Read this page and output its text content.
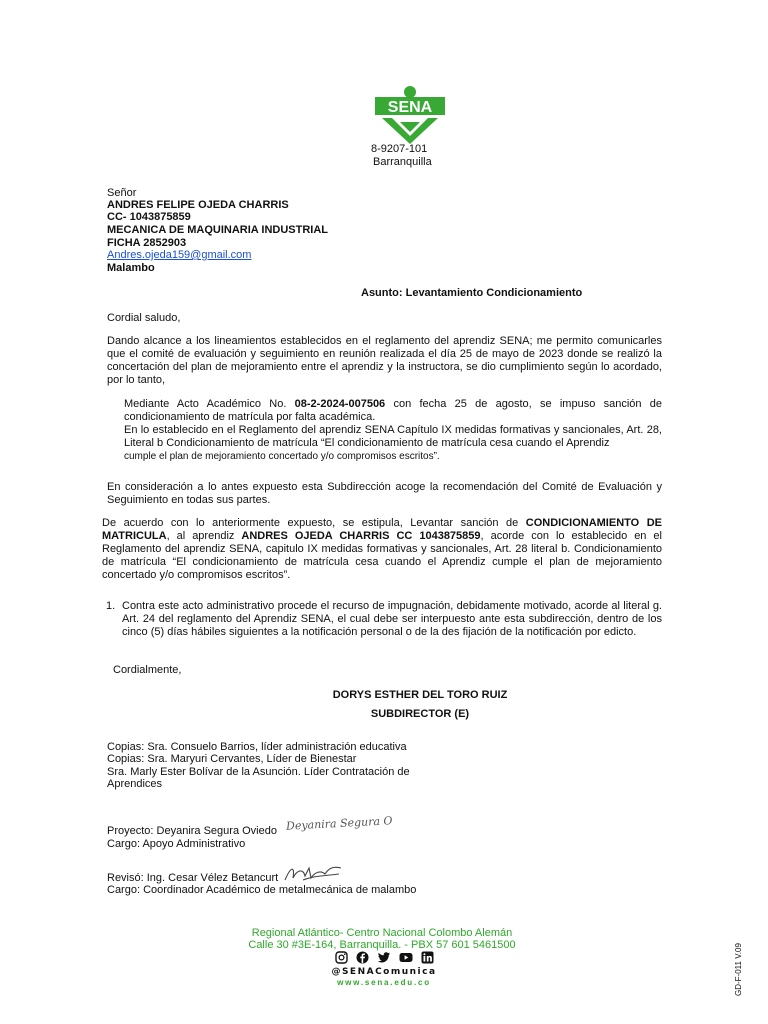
SENA
8-9207-101
Barranquilla
Señor
ANDRES FELIPE OJEDA CHARRIS
CC- 1043875859
MECANICA DE MAQUINARIA INDUSTRIAL
FICHA 2852903
Andres.ojeda159@gmail.com
Malambo
Asunto: Levantamiento Condicionamiento
Cordial saludo,
Dando alcance a los lineamientos establecidos en el reglamento del aprendiz SENA; me permito comunicarles que el comité de evaluación y seguimiento en reunión realizada el día 25 de mayo de 2023 donde se realizó la concertación del plan de mejoramiento entre el aprendiz y la instructora, se dio cumplimiento según lo acordado, por lo tanto,
Mediante Acto Académico No. 08-2-2024-007506 con fecha 25 de agosto, se impuso sanción de condicionamiento de matrícula por falta académica.
En lo establecido en el Reglamento del aprendiz SENA Capítulo IX medidas formativas y sancionales, Art. 28, Literal b Condicionamiento de matrícula “El condicionamiento de matrícula cesa cuando el Aprendiz
cumple el plan de mejoramiento concertado y/o compromisos escritos”.
En consideración a lo antes expuesto esta Subdirección acoge la recomendación del Comité de Evaluación y Seguimiento en todas sus partes.
De acuerdo con lo anteriormente expuesto, se estipula, Levantar sanción de CONDICIONAMIENTO DE MATRICULA, al aprendiz ANDRES OJEDA CHARRIS CC 1043875859, acorde con lo establecido en el Reglamento del aprendiz SENA, capitulo IX medidas formativas y sancionales, Art. 28 literal b. Condicionamiento de matrícula “El condicionamiento de matrícula cesa cuando el Aprendiz cumple el plan de mejoramiento concertado y/o compromisos escritos”.
1. Contra este acto administrativo procede el recurso de impugnación, debidamente motivado, acorde al literal g. Art. 24 del reglamento del Aprendiz SENA, el cual debe ser interpuesto ante esta subdirección, dentro de los cinco (5) días hábiles siguientes a la notificación personal o de la des fijación de la notificación por edicto.
Cordialmente,
DORYS ESTHER DEL TORO RUIZ
SUBDIRECTOR (E)
Copias: Sra. Consuelo Barrios, líder administración educativa
Copias: Sra. Maryuri Cervantes, Líder de Bienestar
Sra. Marly Ester Bolívar de la Asunción. Líder Contratación de
Aprendices
Proyecto: Deyanira Segura Oviedo Deyanira Segura O
Cargo: Apoyo Administrativo
Revisó: Ing. Cesar Vélez Betancurt
Cargo: Coordinador Académico de metalmecánica de malambo
Regional Atlántico- Centro Nacional Colombo Alemán
Calle 30 #3E-164, Barranquilla. - PBX 57 601 5461500
@SENAComunica
www.sena.edu.co	GD-F-011 V.09
